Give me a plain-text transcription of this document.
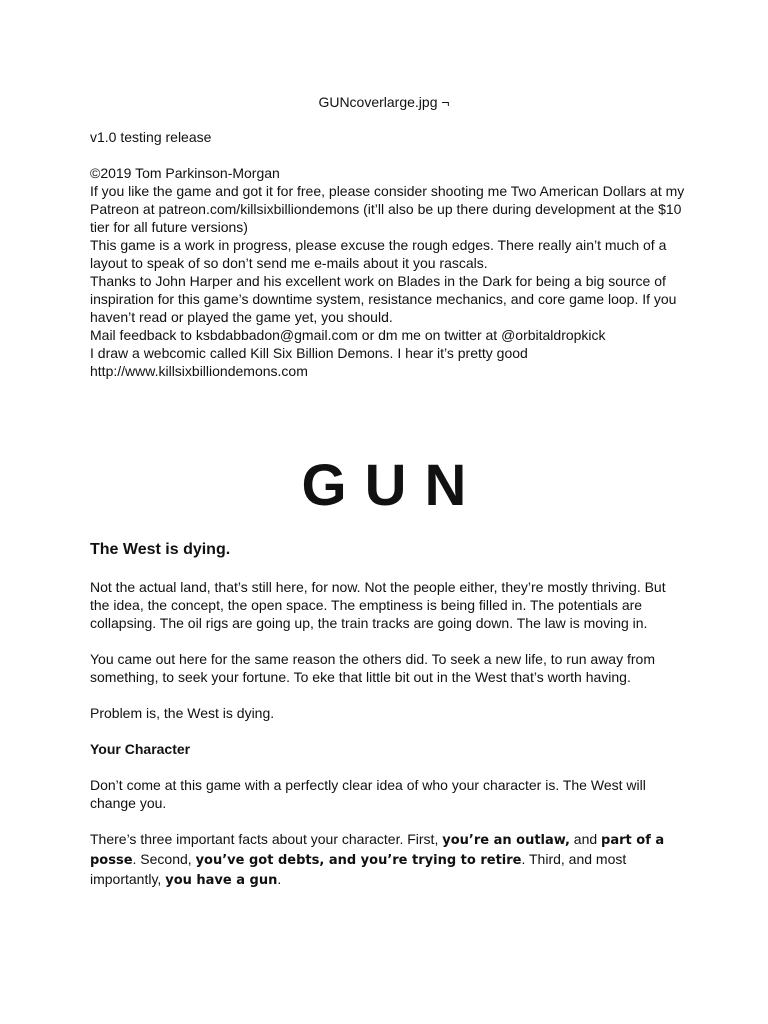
GUNcoverlarge.jpg ¬
v1.0 testing release

©2019 Tom Parkinson-Morgan

If you like the game and got it for free, please consider shooting me Two American Dollars at my Patreon at patreon.com/killsixbilliondemons (it’ll also be up there during development at the $10 tier for all future versions)

This game is a work in progress, please excuse the rough edges. There really ain’t much of a layout to speak of so don’t send me e-mails about it you rascals.

Thanks to John Harper and his excellent work on Blades in the Dark for being a big source of inspiration for this game’s downtime system, resistance mechanics, and core game loop. If you haven’t read or played the game yet, you should.

Mail feedback to ksbdabbadon@gmail.com or dm me on twitter at @orbitaldropkick

I draw a webcomic called Kill Six Billion Demons. I hear it’s pretty good

http://www.killsixbilliondemons.com

GUN
The West is dying.

Not the actual land, that’s still here, for now. Not the people either, they’re mostly thriving. But the idea, the concept, the open space. The emptiness is being filled in. The potentials are collapsing. The oil rigs are going up, the train tracks are going down. The law is moving in.

You came out here for the same reason the others did. To seek a new life, to run away from something, to seek your fortune. To eke that little bit out in the West that’s worth having.

Problem is, the West is dying.

Your Character

Don’t come at this game with a perfectly clear idea of who your character is. The West will change you.

There’s three important facts about your character. First, you’re an outlaw, and part of a posse. Second, you’ve got debts, and you’re trying to retire. Third, and most importantly, you have a gun.
